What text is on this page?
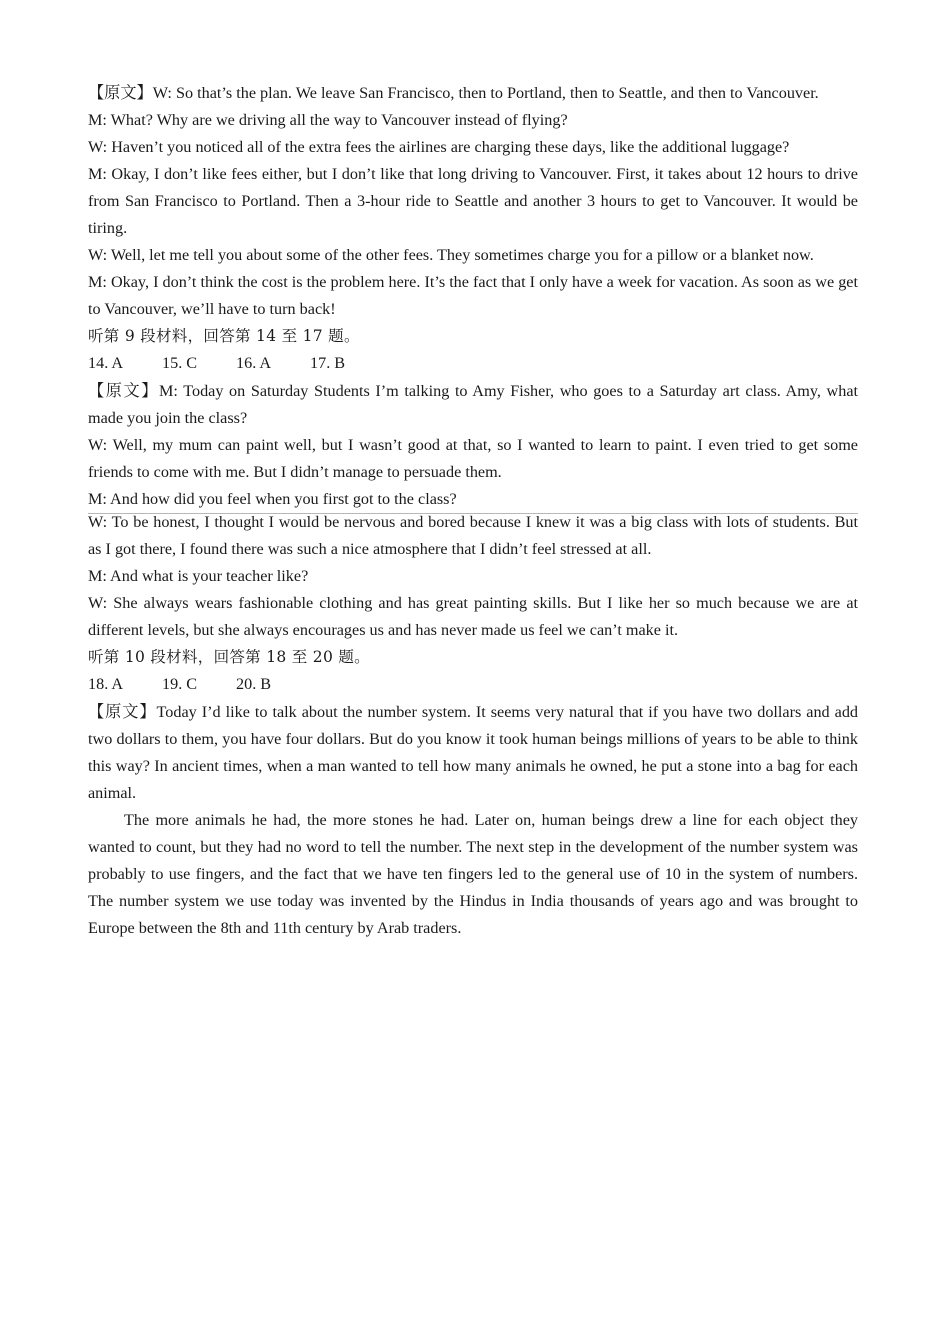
【原文】W: So that’s the plan. We leave San Francisco, then to Portland, then to Seattle, and then to Vancouver.

M: What? Why are we driving all the way to Vancouver instead of flying?

W: Haven’t you noticed all of the extra fees the airlines are charging these days, like the additional luggage?

M: Okay, I don’t like fees either, but I don’t like that long driving to Vancouver. First, it takes about 12 hours to drive from San Francisco to Portland. Then a 3-hour ride to Seattle and another 3 hours to get to Vancouver. It would be tiring.

W: Well, let me tell you about some of the other fees. They sometimes charge you for a pillow or a blanket now.

M: Okay, I don’t think the cost is the problem here. It’s the fact that I only have a week for vacation. As soon as we get to Vancouver, we’ll have to turn back!

听第 9 段材料，回答第 14 至 17 题。

14. A 15. C 16. A 17. B

【原文】M: Today on Saturday Students I’m talking to Amy Fisher, who goes to a Saturday art class. Amy, what made you join the class?

W: Well, my mum can paint well, but I wasn’t good at that, so I wanted to learn to paint. I even tried to get some friends to come with me. But I didn’t manage to persuade them.

M: And how did you feel when you first got to the class?

W: To be honest, I thought I would be nervous and bored because I knew it was a big class with lots of students. But as I got there, I found there was such a nice atmosphere that I didn’t feel stressed at all.

M: And what is your teacher like?

W: She always wears fashionable clothing and has great painting skills. But I like her so much because we are at different levels, but she always encourages us and has never made us feel we can’t make it.

听第 10 段材料，回答第 18 至 20 题。

18. A 19. C 20. B

【原文】Today I’d like to talk about the number system. It seems very natural that if you have two dollars and add two dollars to them, you have four dollars. But do you know it took human beings millions of years to be able to think this way? In ancient times, when a man wanted to tell how many animals he owned, he put a stone into a bag for each animal.

The more animals he had, the more stones he had. Later on, human beings drew a line for each object they wanted to count, but they had no word to tell the number. The next step in the development of the number system was probably to use fingers, and the fact that we have ten fingers led to the general use of 10 in the system of numbers. The number system we use today was invented by the Hindus in India thousands of years ago and was brought to Europe between the 8th and 11th century by Arab traders.
